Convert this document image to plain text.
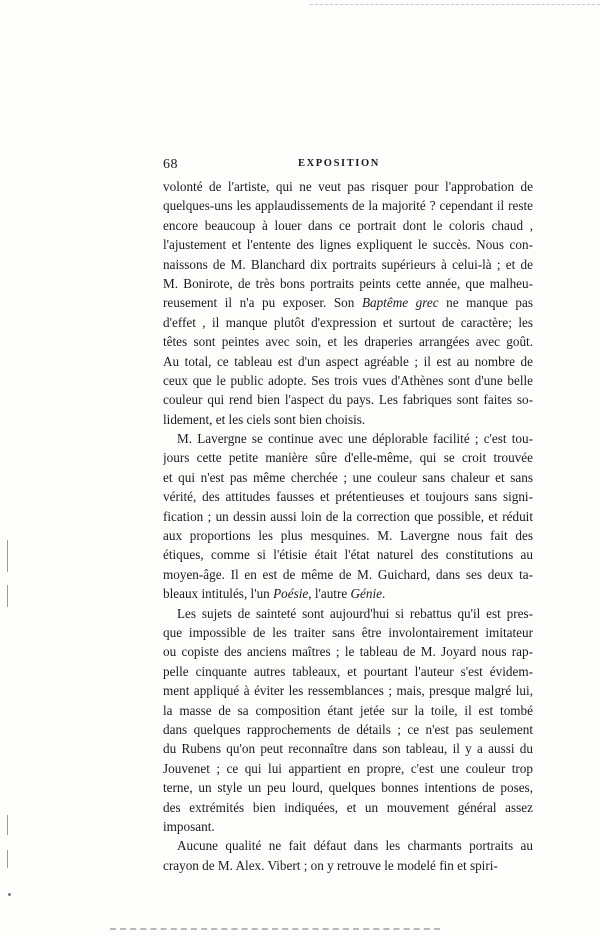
68	EXPOSITION
volonté de l'artiste, qui ne veut pas risquer pour l'approbation de
quelques-uns les applaudissements de la majorité ? cependant il reste
encore beaucoup à louer dans ce portrait dont le coloris chaud ,
l'ajustement et l'entente des lignes expliquent le succès. Nous con-
naissons de M. Blanchard dix portraits supérieurs à celui-là ; et de
M. Bonirote, de très bons portraits peints cette année, que malheu-
reusement il n'a pu exposer. Son Baptême grec ne manque pas
d'effet , il manque plutôt d'expression et surtout de caractère; les
têtes sont peintes avec soin, et les draperies arrangées avec goût.
Au total, ce tableau est d'un aspect agréable ; il est au nombre de
ceux que le public adopte. Ses trois vues d'Athènes sont d'une belle
couleur qui rend bien l'aspect du pays. Les fabriques sont faites so-
lidement, et les ciels sont bien choisis.
M. Lavergne se continue avec une déplorable facilité ; c'est tou-
jours cette petite manière sûre d'elle-même, qui se croit trouvée
et qui n'est pas même cherchée ; une couleur sans chaleur et sans
vérité, des attitudes fausses et prétentieuses et toujours sans signi-
fication ; un dessin aussi loin de la correction que possible, et réduit
aux proportions les plus mesquines. M. Lavergne nous fait des
étiques, comme si l'étisie était l'état naturel des constitutions au
moyen-âge. Il en est de même de M. Guichard, dans ses deux ta-
bleaux intitulés, l'un Poésie, l'autre Génie.
Les sujets de sainteté sont aujourd'hui si rebattus qu'il est pres-
que impossible de les traiter sans être involontairement imitateur
ou copiste des anciens maîtres ; le tableau de M. Joyard nous rap-
pelle cinquante autres tableaux, et pourtant l'auteur s'est évidem-
ment appliqué à éviter les ressemblances ; mais, presque malgré lui,
la masse de sa composition étant jetée sur la toile, il est tombé
dans quelques rapprochements de détails ; ce n'est pas seulement
du Rubens qu'on peut reconnaître dans son tableau, il y a aussi du
Jouvenet ; ce qui lui appartient en propre, c'est une couleur trop
terne, un style un peu lourd, quelques bonnes intentions de poses,
des extrémités bien indiquées, et un mouvement général assez
imposant.
Aucune qualité ne fait défaut dans les charmants portraits au
crayon de M. Alex. Vibert ; on y retrouve le modelé fin et spiri-
